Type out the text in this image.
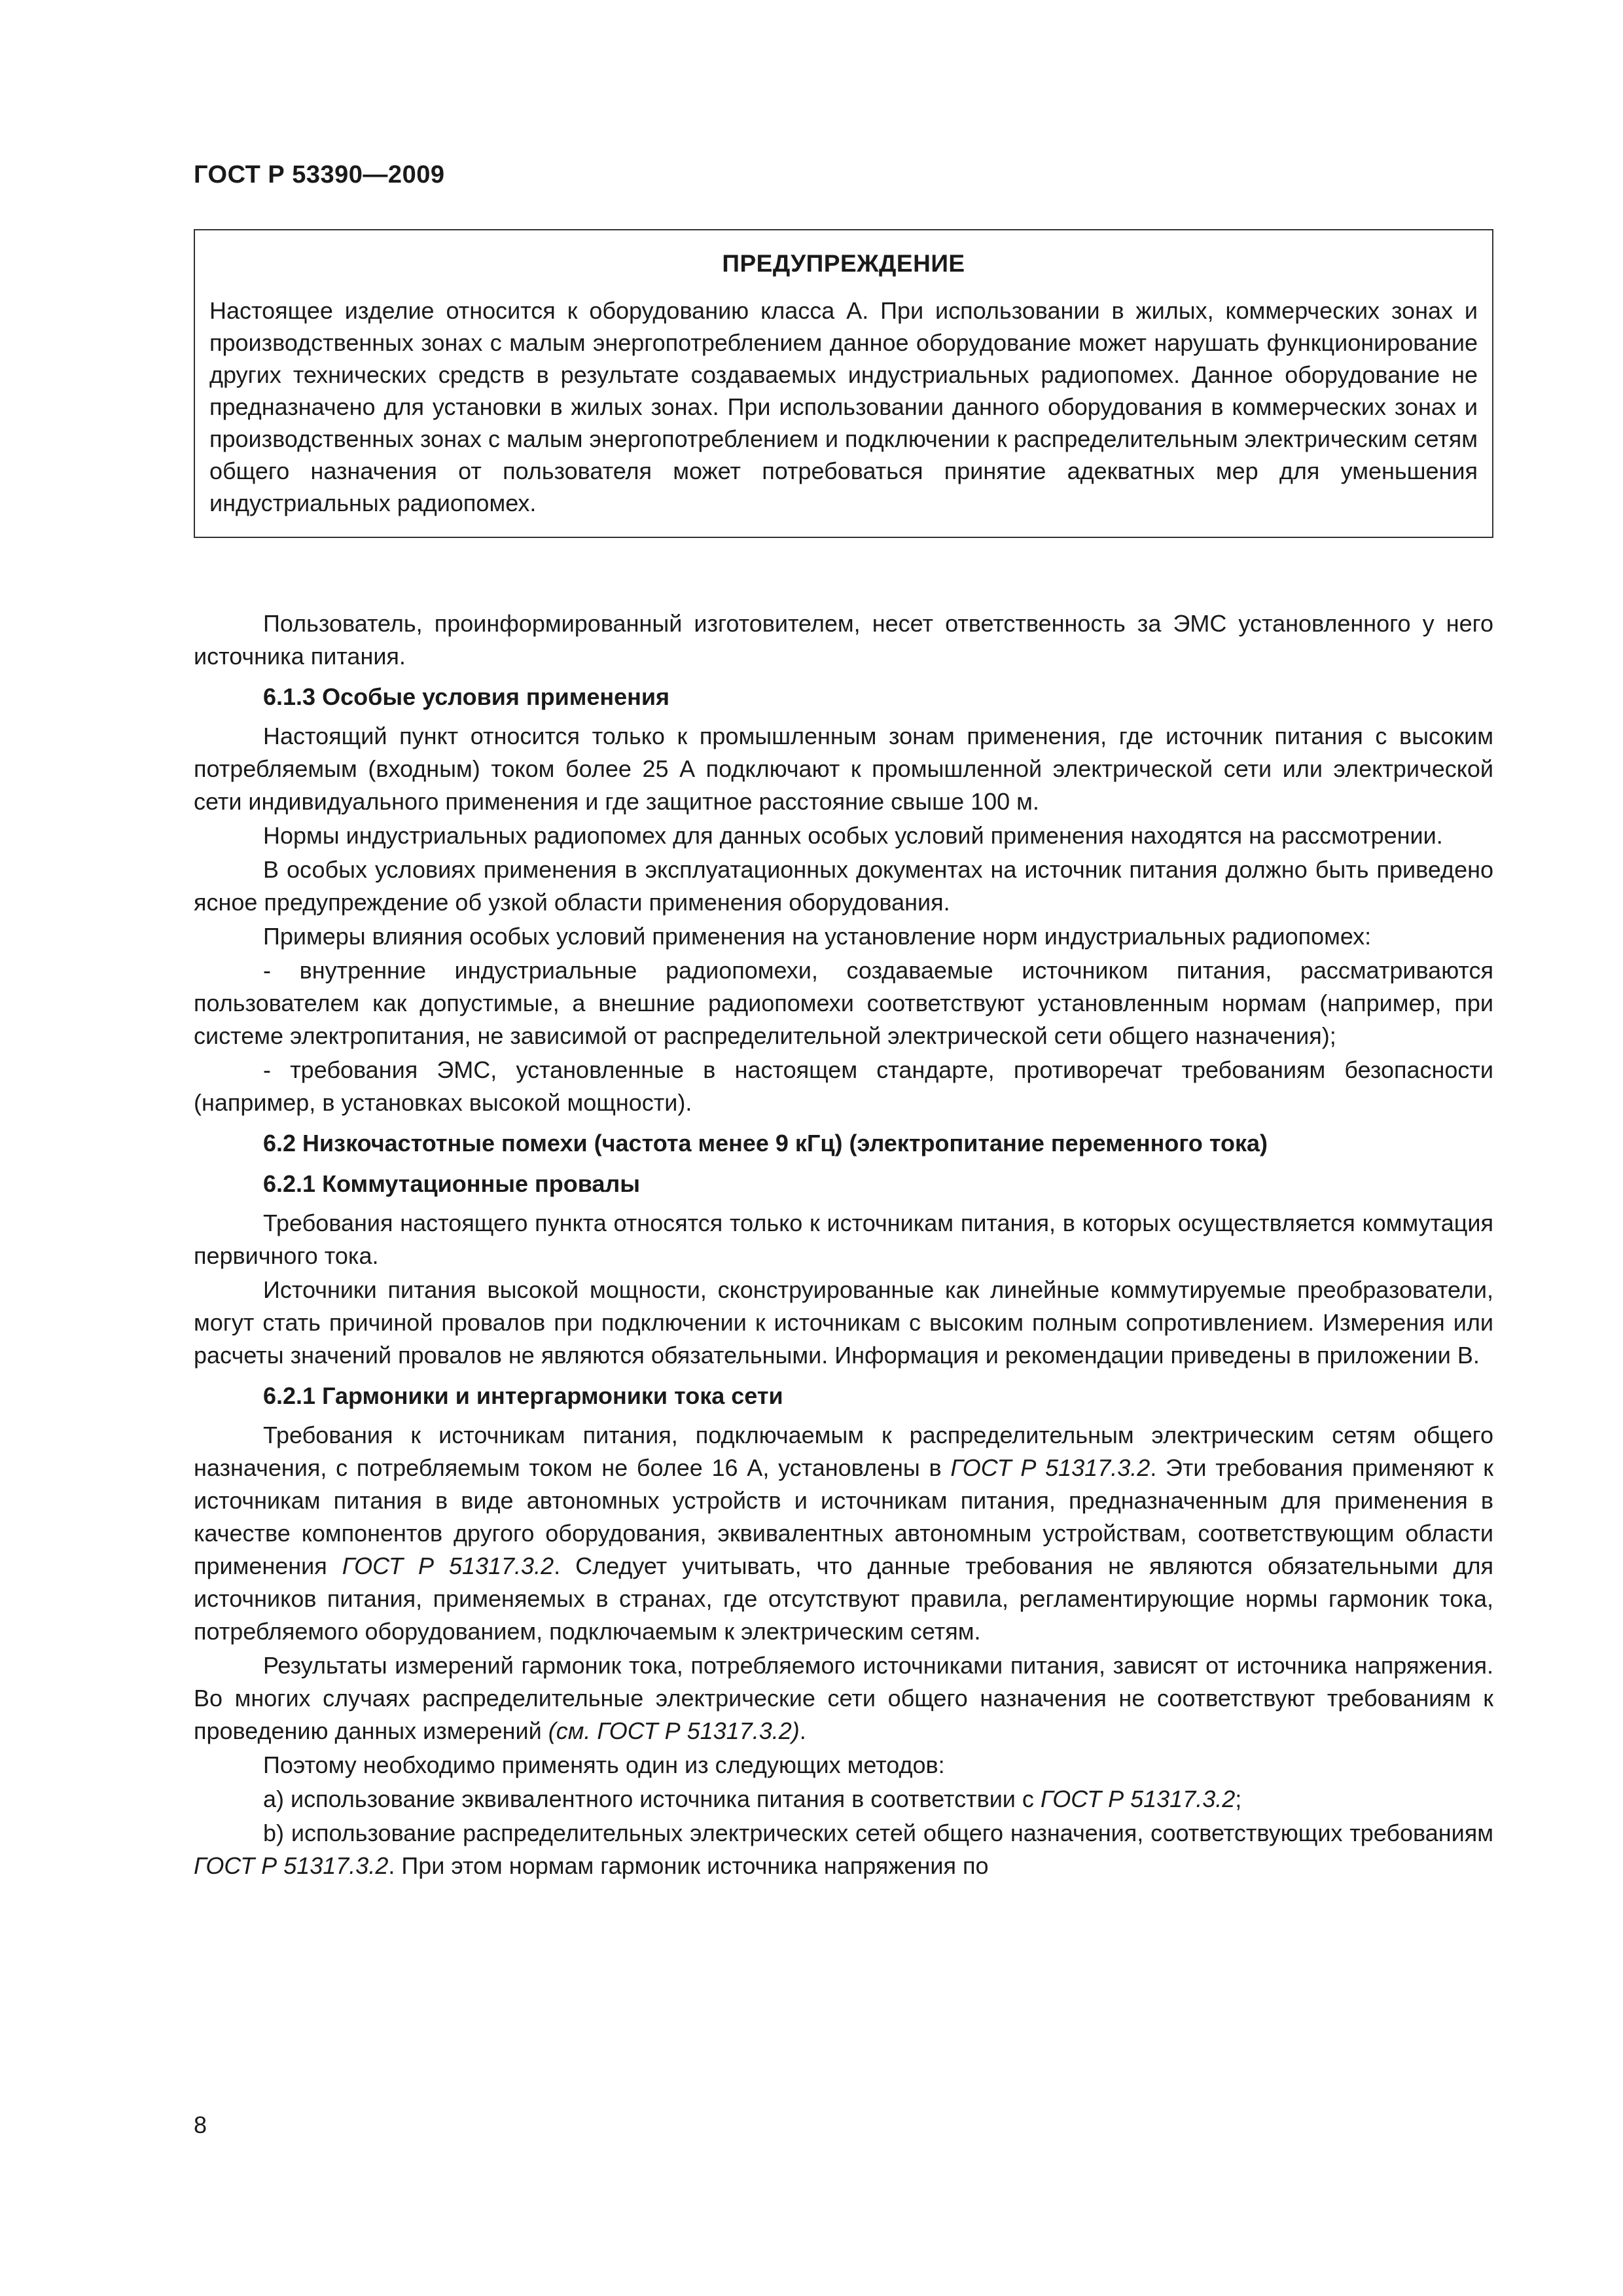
ГОСТ Р 53390—2009
ПРЕДУПРЕЖДЕНИЕ

Настоящее изделие относится к оборудованию класса А. При использовании в жилых, коммерческих зонах и производственных зонах с малым энергопотреблением данное оборудование может нарушать функционирование других технических средств в результате создаваемых индустриальных радиопомех. Данное оборудование не предназначено для установки в жилых зонах. При использовании данного оборудования в коммерческих зонах и производственных зонах с малым энергопотреблением и подключении к распределительным электрическим сетям общего назначения от пользователя может потребоваться принятие адекватных мер для уменьшения индустриальных радиопомех.

Пользователь, проинформированный изготовителем, несет ответственность за ЭМС установленного у него источника питания.

6.1.3 Особые условия применения

Настоящий пункт относится только к промышленным зонам применения, где источник питания с высоким потребляемым (входным) током более 25 А подключают к промышленной электрической сети или электрической сети индивидуального применения и где защитное расстояние свыше 100 м.

Нормы индустриальных радиопомех для данных особых условий применения находятся на рассмотрении.

В особых условиях применения в эксплуатационных документах на источник питания должно быть приведено ясное предупреждение об узкой области применения оборудования.

Примеры влияния особых условий применения на установление норм индустриальных радиопомех:

- внутренние индустриальные радиопомехи, создаваемые источником питания, рассматриваются пользователем как допустимые, а внешние радиопомехи соответствуют установленным нормам (например, при системе электропитания, не зависимой от распределительной электрической сети общего назначения);

- требования ЭМС, установленные в настоящем стандарте, противоречат требованиям безопасности (например, в установках высокой мощности).

6.2 Низкочастотные помехи (частота менее 9 кГц) (электропитание переменного тока)
6.2.1 Коммутационные провалы

Требования настоящего пункта относятся только к источникам питания, в которых осуществляется коммутация первичного тока.

Источники питания высокой мощности, сконструированные как линейные коммутируемые преобразователи, могут стать причиной провалов при подключении к источникам с высоким полным сопротивлением. Измерения или расчеты значений провалов не являются обязательными. Информация и рекомендации приведены в приложении В.

6.2.1 Гармоники и интергармоники тока сети

Требования к источникам питания, подключаемым к распределительным электрическим сетям общего назначения, с потребляемым током не более 16 А, установлены в ГОСТ Р 51317.3.2. Эти требования применяют к источникам питания в виде автономных устройств и источникам питания, предназначенным для применения в качестве компонентов другого оборудования, эквивалентных автономным устройствам, соответствующим области применения ГОСТ Р 51317.3.2. Следует учитывать, что данные требования не являются обязательными для источников питания, применяемых в странах, где отсутствуют правила, регламентирующие нормы гармоник тока, потребляемого оборудованием, подключаемым к электрическим сетям.

Результаты измерений гармоник тока, потребляемого источниками питания, зависят от источника напряжения. Во многих случаях распределительные электрические сети общего назначения не соответствуют требованиям к проведению данных измерений (см. ГОСТ Р 51317.3.2).

Поэтому необходимо применять один из следующих методов:

a) использование эквивалентного источника питания в соответствии с ГОСТ Р 51317.3.2;

b) использование распределительных электрических сетей общего назначения, соответствующих требованиям ГОСТ Р 51317.3.2. При этом нормам гармоник источника напряжения по

8
